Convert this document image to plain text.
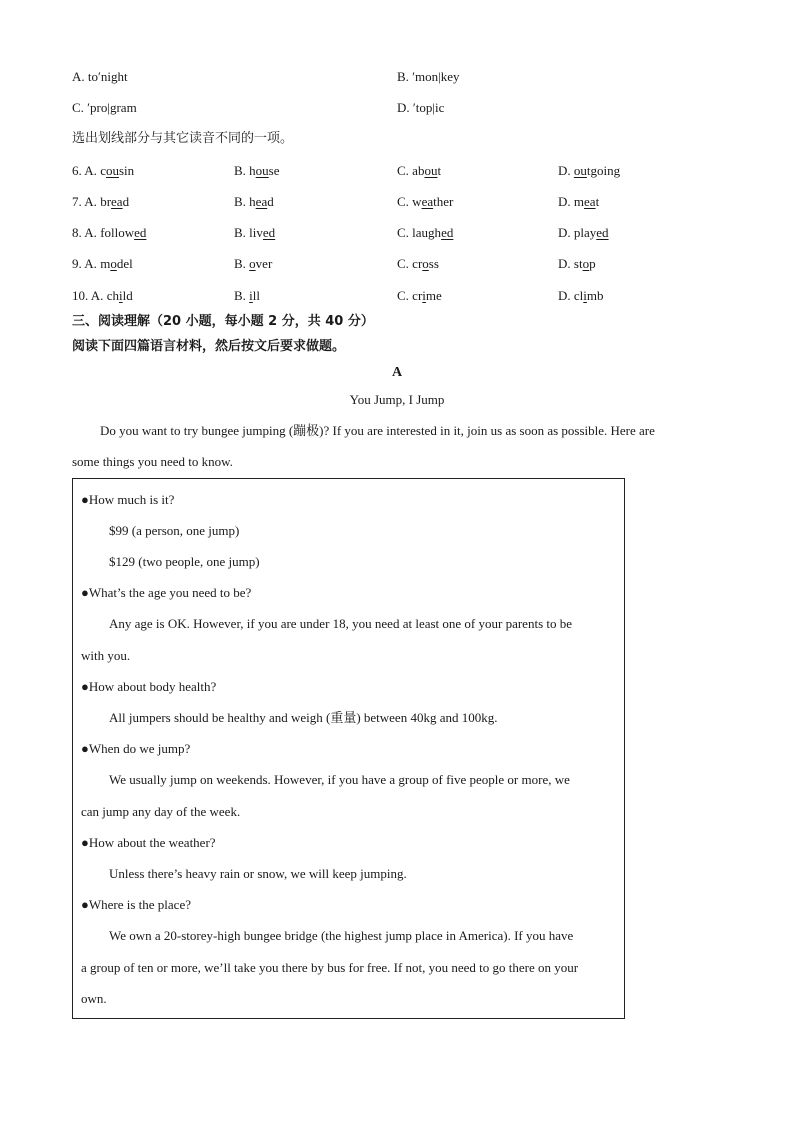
A. toʹnight	B. ʹmon|key
C. ʹpro|gram	D. ʹtop|ic
选出划线部分与其它读音不同的一项。
6. A. cousin	B. house	C. about	D. outgoing
7. A. bread	B. head	C. weather	D. meat
8. A. followed	B. lived	C. laughed	D. played
9. A. model	B. over	C. cross	D. stop
10. A. child	B. ill	C. crime	D. climb
三、阅读理解（20 小题，每小题 2 分，共 40 分）
阅读下面四篇语言材料，然后按文后要求做题。
A
You Jump, I Jump
Do you want to try bungee jumping (蹦极)? If you are interested in it, join us as soon as possible. Here are
some things you need to know.
●How much is it?
$99 (a person, one jump)
$129 (two people, one jump)
●What’s the age you need to be?
Any age is OK. However, if you are under 18, you need at least one of your parents to be
with you.
●How about body health?
All jumpers should be healthy and weigh (重量) between 40kg and 100kg.
●When do we jump?
We usually jump on weekends. However, if you have a group of five people or more, we
can jump any day of the week.
●How about the weather?
Unless there’s heavy rain or snow, we will keep jumping.
●Where is the place?
We own a 20-storey-high bungee bridge (the highest jump place in America). If you have
a group of ten or more, we’ll take you there by bus for free. If not, you need to go there on your
own.
